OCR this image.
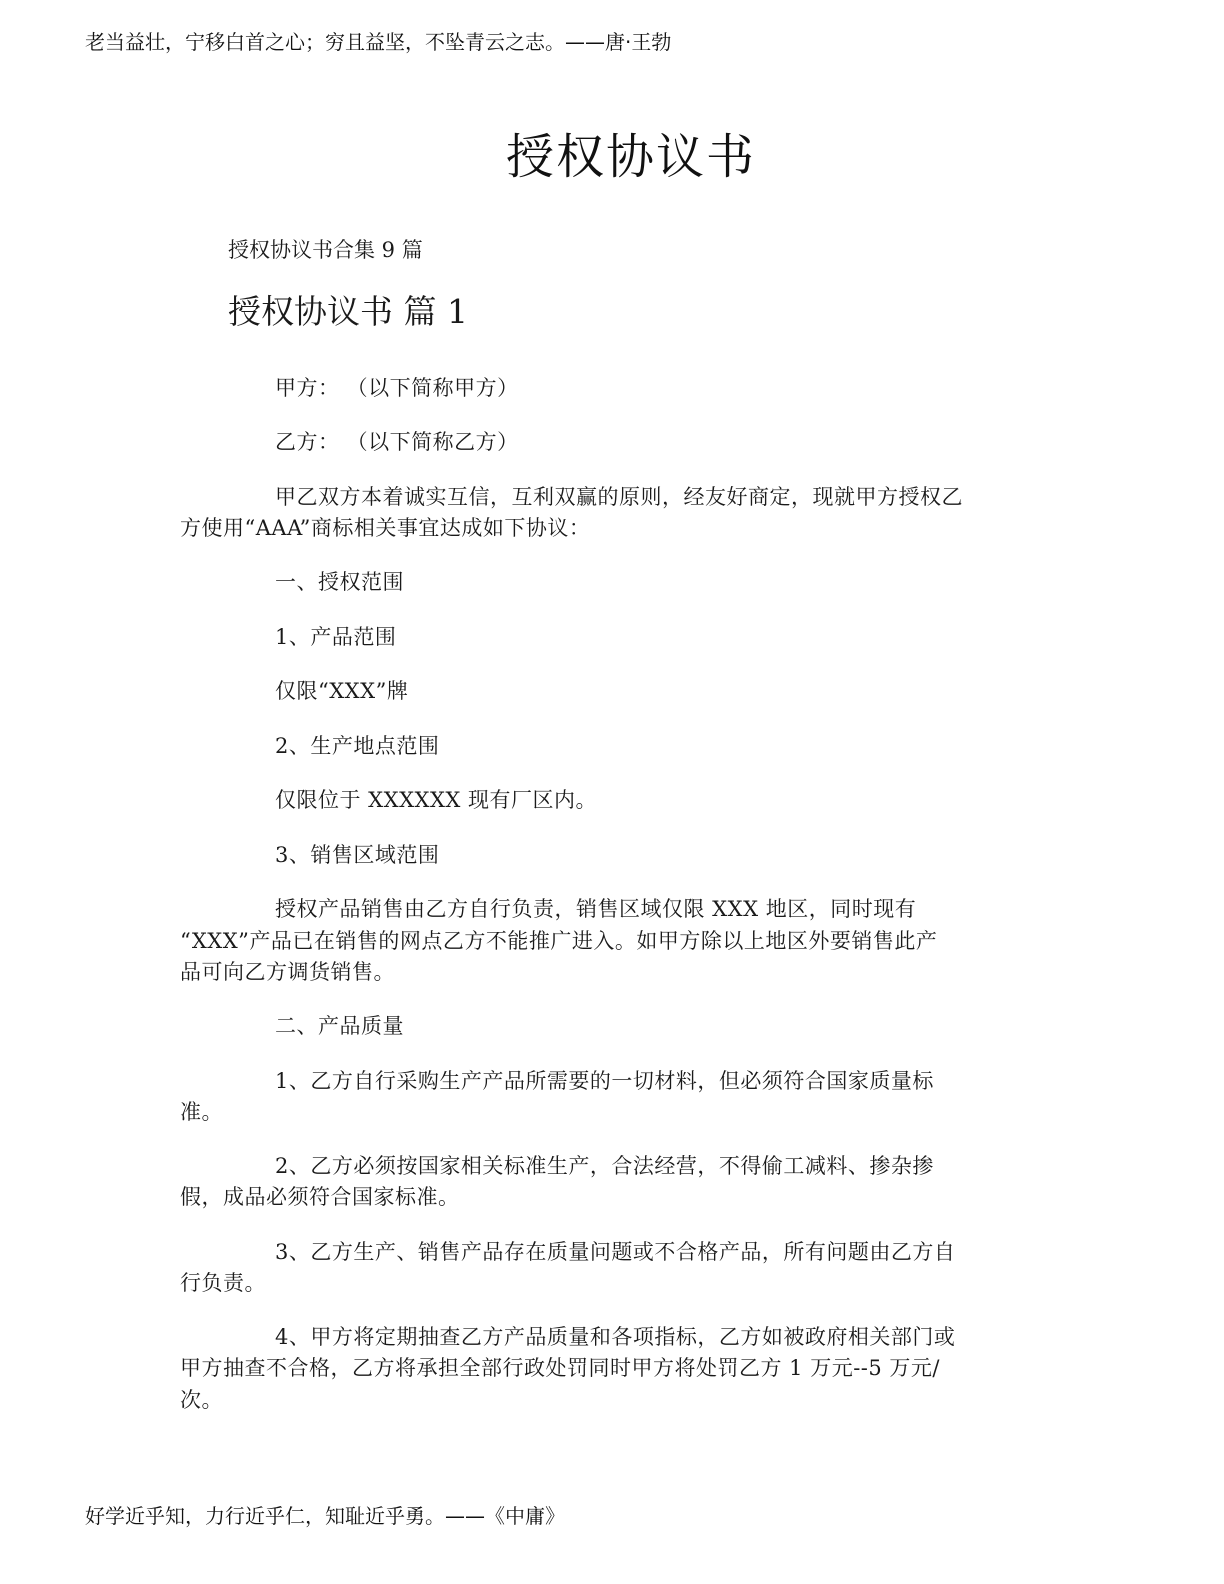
老当益壮，宁移白首之心；穷且益坚，不坠青云之志。——唐·王勃
授权协议书
授权协议书合集 9 篇
授权协议书 篇 1
甲方： （以下简称甲方）
乙方： （以下简称乙方）
甲乙双方本着诚实互信，互利双赢的原则，经友好商定，现就甲方授权乙
方使用“AAA”商标相关事宜达成如下协议：
一、授权范围
1、产品范围
仅限“XXX”牌
2、生产地点范围
仅限位于 XXXXXX 现有厂区内。
3、销售区域范围
授权产品销售由乙方自行负责，销售区域仅限 XXX 地区，同时现有
“XXX”产品已在销售的网点乙方不能推广进入。如甲方除以上地区外要销售此产
品可向乙方调货销售。
二、产品质量
1、乙方自行采购生产产品所需要的一切材料，但必须符合国家质量标
准。
2、乙方必须按国家相关标准生产，合法经营，不得偷工减料、掺杂掺
假，成品必须符合国家标准。
3、乙方生产、销售产品存在质量问题或不合格产品，所有问题由乙方自
行负责。
4、甲方将定期抽查乙方产品质量和各项指标，乙方如被政府相关部门或
甲方抽查不合格，乙方将承担全部行政处罚同时甲方将处罚乙方 1 万元--5 万元/
次。
好学近乎知，力行近乎仁，知耻近乎勇。——《中庸》
